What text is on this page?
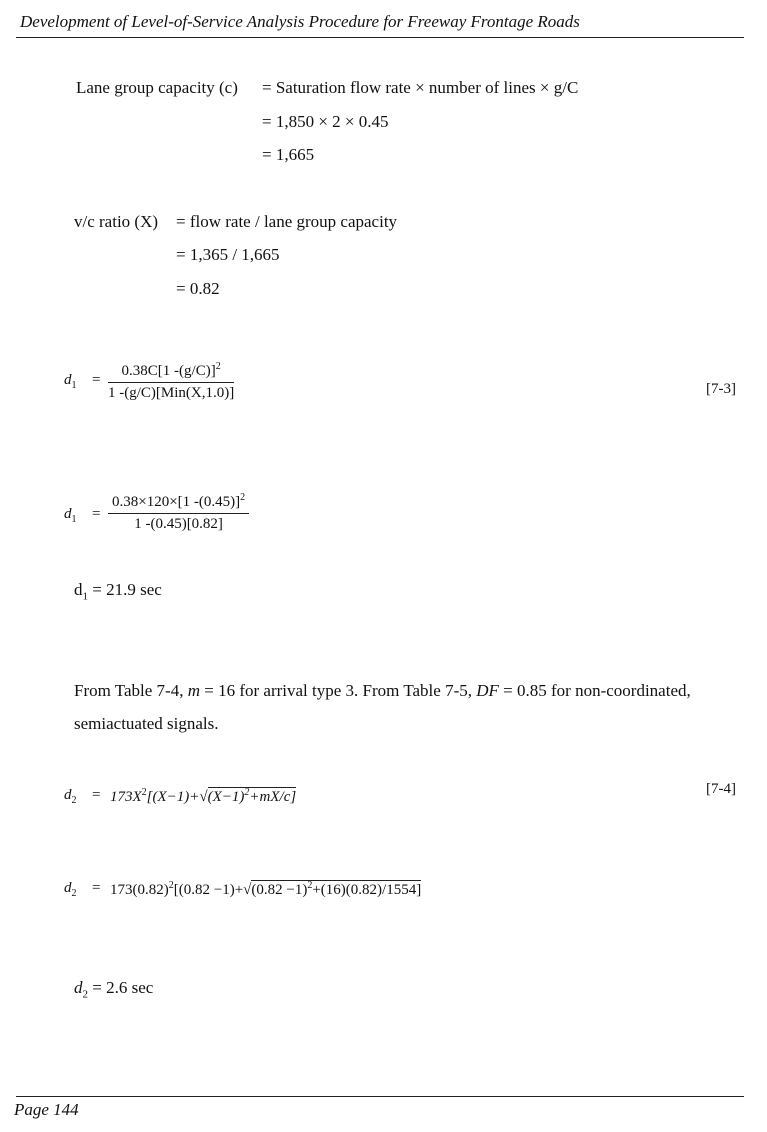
Development of Level-of-Service Analysis Procedure for Freeway Frontage Roads
Lane group capacity (c) = Saturation flow rate × number of lines × g/C
= 1,850 × 2 × 0.45
= 1,665
v/c ratio (X) = flow rate / lane group capacity
= 1,365 / 1,665
= 0.82
$d_1$ =
0.38C[1 -(g/C)]$^2$
1 -(g/C)[Min(X,1.0)]	[7-3]
$d_1 = \frac{0.38\times 120\times[1 -(0.45)]^2}{1 -(0.45)[0.82]}$
$d_1 = 21.9$ sec
From Table 7-4, m = 16 for arrival type 3. From Table 7-5, DF = 0.85 for non-coordinated,
semiactuated signals.
$d_2 = 173X^2[(X-1)+√(X-1)^2+mX/c]$	[7-4]
$d_2 = 173(0.82)^2[(0.82 -1)+√(0.82 -1)^2+(16)(0.82)/1554]$
$d_2 = 2.6$ sec
Page 144
